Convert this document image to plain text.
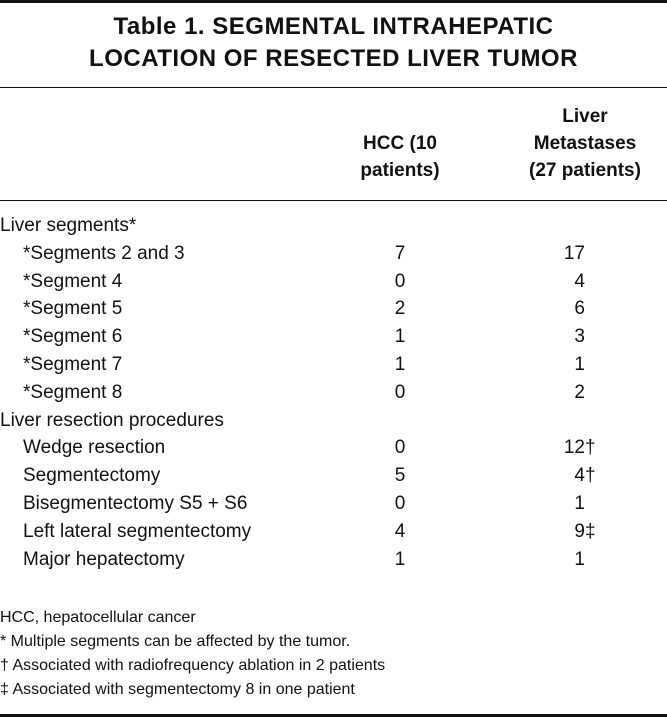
Table 1. SEGMENTAL INTRAHEPATIC
LOCATION OF RESECTED LIVER TUMOR
HCC (10
patients)
Liver
Metastases
(27 patients)
Liver segments*
*Segments 2 and 3	7	17
*Segment 4	0	4
*Segment 5	2	6
*Segment 6	1	3
*Segment 7	1	1
*Segment 8	0	2
Liver resection procedures
Wedge resection	0	12†
Segmentectomy	5	4†
Bisegmentectomy S5 + S6	0	1
Left lateral segmentectomy	4	9‡
Major hepatectomy	1	1
HCC, hepatocellular cancer
* Multiple segments can be affected by the tumor.
† Associated with radiofrequency ablation in 2 patients
‡ Associated with segmentectomy 8 in one patient
